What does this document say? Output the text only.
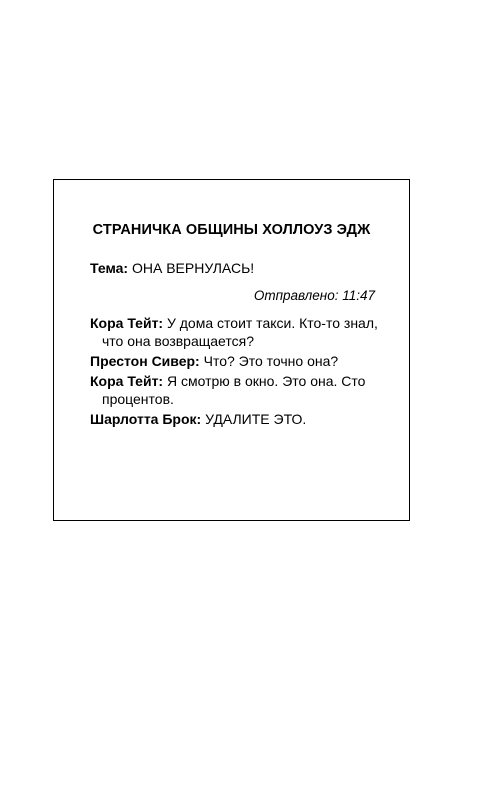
СТРАНИЧКА ОБЩИНЫ ХОЛЛОУЗ ЭДЖ
Тема: ОНА ВЕРНУЛАСЬ!
Отправлено: 11:47
Кора Тейт: У дома стоит такси. Кто-то знал, что она возвращается?
Престон Сивер: Что? Это точно она?
Кора Тейт: Я смотрю в окно. Это она. Сто процентов.
Шарлотта Брок: УДАЛИТЕ ЭТО.
